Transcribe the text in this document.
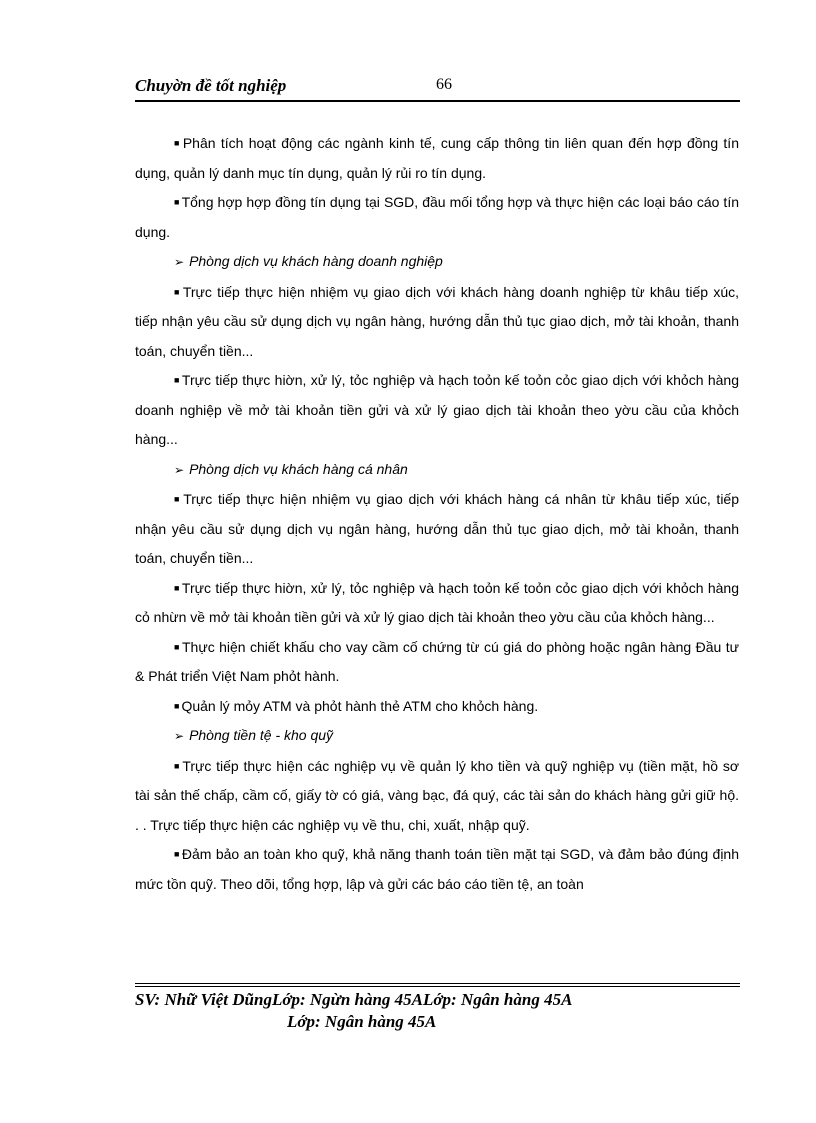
Chuyờn đề tốt nghiệp	66

■ Phân tích hoạt động các ngành kinh tế, cung cấp thông tin liên quan đến hợp đồng tín dụng, quản lý danh mục tín dụng, quản lý rủi ro tín dụng.

■ Tổng hợp hợp đồng tín dụng tại SGD, đầu mối tổng hợp và thực hiện các loại báo cáo tín dụng.

➢ Phòng dịch vụ khách hàng doanh nghiệp

■ Trực tiếp thực hiện nhiệm vụ giao dịch với khách hàng doanh nghiệp từ khâu tiếp xúc, tiếp nhận yêu cầu sử dụng dịch vụ ngân hàng, hướng dẫn thủ tục giao dịch, mở tài khoản, thanh toán, chuyển tiền...

■ Trực tiếp thực hiờn, xử lý, tỏc nghiệp và hạch toỏn kế toỏn cỏc giao dịch với khỏch hàng doanh nghiệp về mở tài khoản tiền gửi và xử lý giao dịch tài khoản theo yờu cầu của khỏch hàng...

➢ Phòng dịch vụ khách hàng cá nhân

■ Trực tiếp thực hiện nhiệm vụ giao dịch với khách hàng cá nhân từ khâu tiếp xúc, tiếp nhận yêu cầu sử dụng dịch vụ ngân hàng, hướng dẫn thủ tục giao dịch, mở tài khoản, thanh toán, chuyển tiền...

■ Trực tiếp thực hiờn, xử lý, tỏc nghiệp và hạch toỏn kế toỏn cỏc giao dịch với khỏch hàng cỏ nhừn về mở tài khoản tiền gửi và xử lý giao dịch tài khoản theo yờu cầu của khỏch hàng...

■ Thực hiện chiết khấu cho vay cầm cố chứng từ cú giá do phòng hoặc ngân hàng Đầu tư & Phát triển Việt Nam phỏt hành.

■ Quản lý mỏy ATM và phỏt hành thẻ ATM cho khỏch hàng.

➢ Phòng tiền tệ - kho quỹ

■ Trực tiếp thực hiện các nghiệp vụ về quản lý kho tiền và quỹ nghiệp vụ (tiền mặt, hồ sơ tài sản thế chấp, cầm cố, giấy tờ có giá, vàng bạc, đá quý, các tài sản do khách hàng gửi giữ hộ. . . Trực tiếp thực hiện các nghiệp vụ về thu, chi, xuất, nhập quỹ.

■ Đảm bảo an toàn kho quỹ, khả năng thanh toán tiền mặt tại SGD, và đảm bảo đúng định mức tồn quỹ. Theo dõi, tổng hợp, lập và gửi các báo cáo tiền tệ, an toàn

SV: Nhữ Việt DũngLớp: Ngừn hàng 45ALớp: Ngân hàng 45A
Lớp: Ngân hàng 45A
